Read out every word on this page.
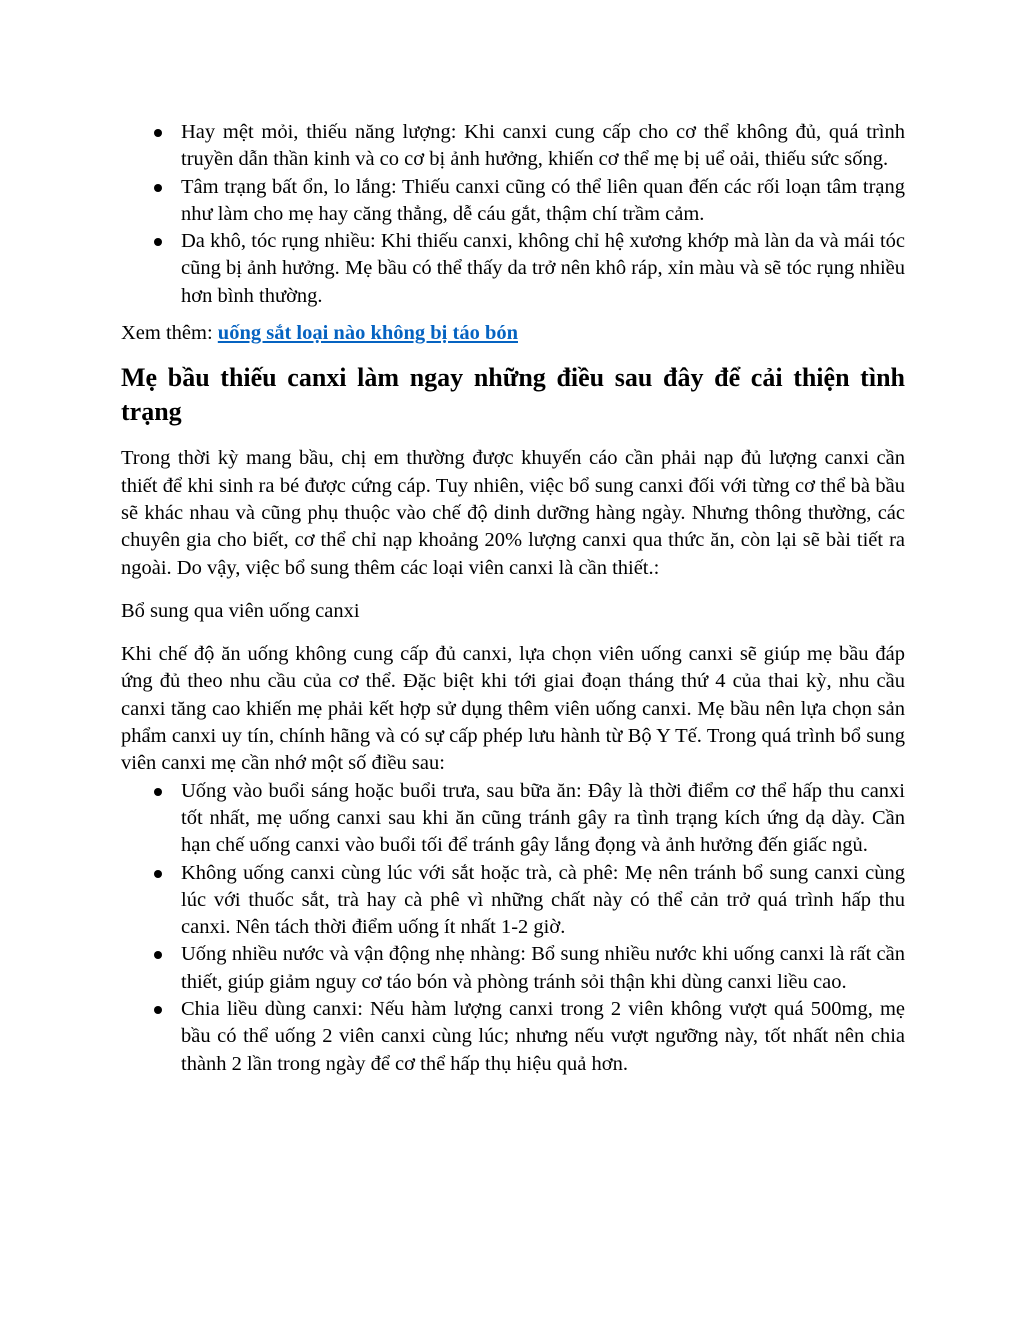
Hay mệt mỏi, thiếu năng lượng: Khi canxi cung cấp cho cơ thể không đủ, quá trình truyền dẫn thần kinh và co cơ bị ảnh hưởng, khiến cơ thể mẹ bị uể oải, thiếu sức sống.
Tâm trạng bất ổn, lo lắng: Thiếu canxi cũng có thể liên quan đến các rối loạn tâm trạng như làm cho mẹ hay căng thẳng, dễ cáu gắt, thậm chí trầm cảm.
Da khô, tóc rụng nhiều: Khi thiếu canxi, không chỉ hệ xương khớp mà làn da và mái tóc cũng bị ảnh hưởng. Mẹ bầu có thể thấy da trở nên khô ráp, xỉn màu và sẽ tóc rụng nhiều hơn bình thường.
Xem thêm: uống sắt loại nào không bị táo bón
Mẹ bầu thiếu canxi làm ngay những điều sau đây để cải thiện tình trạng

Trong thời kỳ mang bầu, chị em thường được khuyến cáo cần phải nạp đủ lượng canxi cần thiết để khi sinh ra bé được cứng cáp. Tuy nhiên, việc bổ sung canxi đối với từng cơ thể bà bầu sẽ khác nhau và cũng phụ thuộc vào chế độ dinh dưỡng hàng ngày. Nhưng thông thường, các chuyên gia cho biết, cơ thể chỉ nạp khoảng 20% lượng canxi qua thức ăn, còn lại sẽ bài tiết ra ngoài. Do vậy, việc bổ sung thêm các loại viên canxi là cần thiết.:

Bổ sung qua viên uống canxi

Khi chế độ ăn uống không cung cấp đủ canxi, lựa chọn viên uống canxi sẽ giúp mẹ bầu đáp ứng đủ theo nhu cầu của cơ thể. Đặc biệt khi tới giai đoạn tháng thứ 4 của thai kỳ, nhu cầu canxi tăng cao khiến mẹ phải kết hợp sử dụng thêm viên uống canxi. Mẹ bầu nên lựa chọn sản phẩm canxi uy tín, chính hãng và có sự cấp phép lưu hành từ Bộ Y Tế. Trong quá trình bổ sung viên canxi mẹ cần nhớ một số điều sau:

Uống vào buổi sáng hoặc buổi trưa, sau bữa ăn: Đây là thời điểm cơ thể hấp thu canxi tốt nhất, mẹ uống canxi sau khi ăn cũng tránh gây ra tình trạng kích ứng dạ dày. Cần hạn chế uống canxi vào buổi tối để tránh gây lắng đọng và ảnh hưởng đến giấc ngủ.
Không uống canxi cùng lúc với sắt hoặc trà, cà phê: Mẹ nên tránh bổ sung canxi cùng lúc với thuốc sắt, trà hay cà phê vì những chất này có thể cản trở quá trình hấp thu canxi. Nên tách thời điểm uống ít nhất 1-2 giờ.
Uống nhiều nước và vận động nhẹ nhàng: Bổ sung nhiều nước khi uống canxi là rất cần thiết, giúp giảm nguy cơ táo bón và phòng tránh sỏi thận khi dùng canxi liều cao.
Chia liều dùng canxi: Nếu hàm lượng canxi trong 2 viên không vượt quá 500mg, mẹ bầu có thể uống 2 viên canxi cùng lúc; nhưng nếu vượt ngưỡng này, tốt nhất nên chia thành 2 lần trong ngày để cơ thể hấp thụ hiệu quả hơn.
